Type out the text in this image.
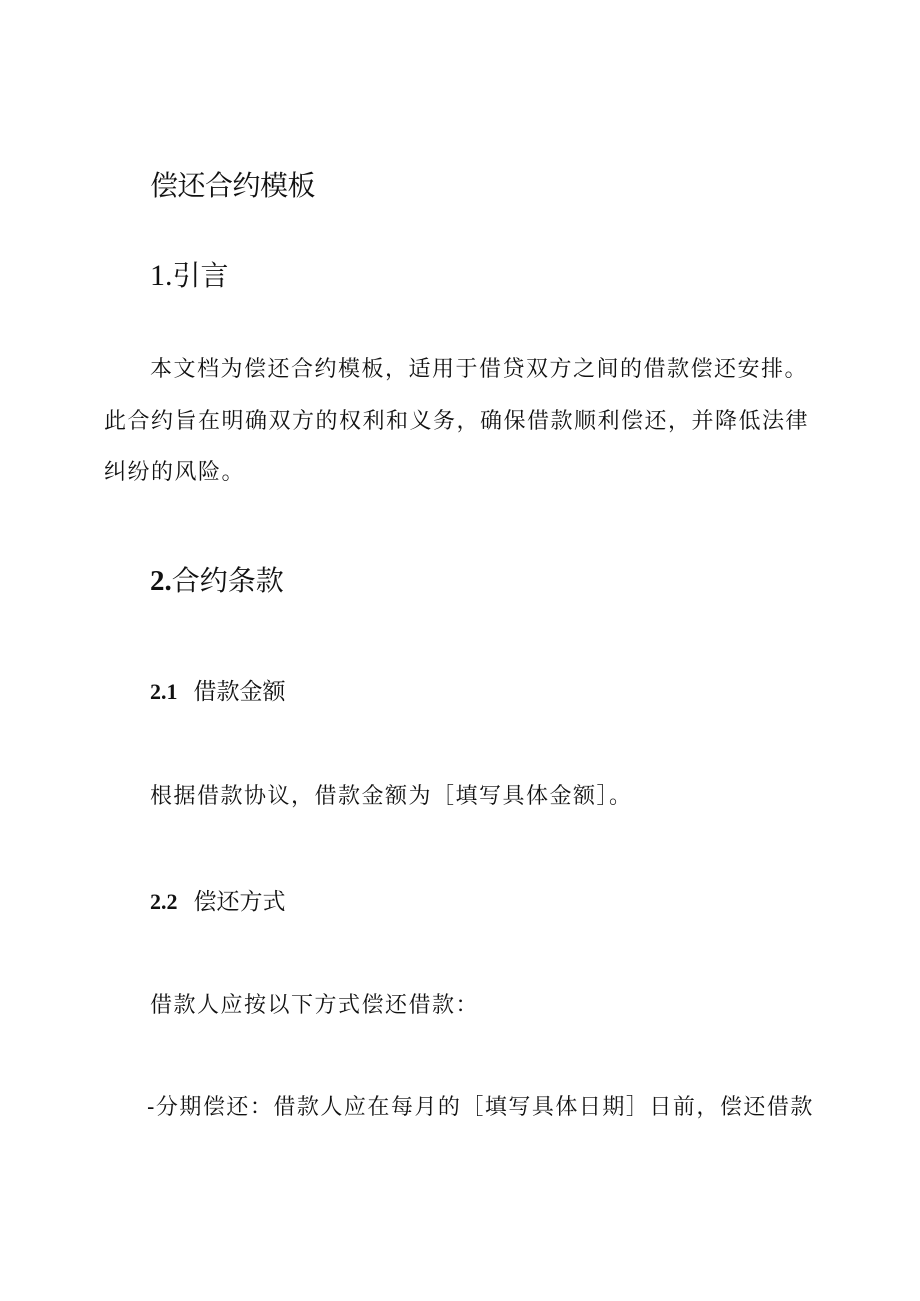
偿还合约模板
1.引言

本文档为偿还合约模板，适用于借贷双方之间的借款偿还安排。

此合约旨在明确双方的权利和义务，确保借款顺利偿还，并降低法律

纠纷的风险。

2.合约条款
2.1 借款金额

根据借款协议，借款金额为［填写具体金额］。

2.2 偿还方式

借款人应按以下方式偿还借款：

-分期偿还：借款人应在每月的［填写具体日期］日前，偿还借款
